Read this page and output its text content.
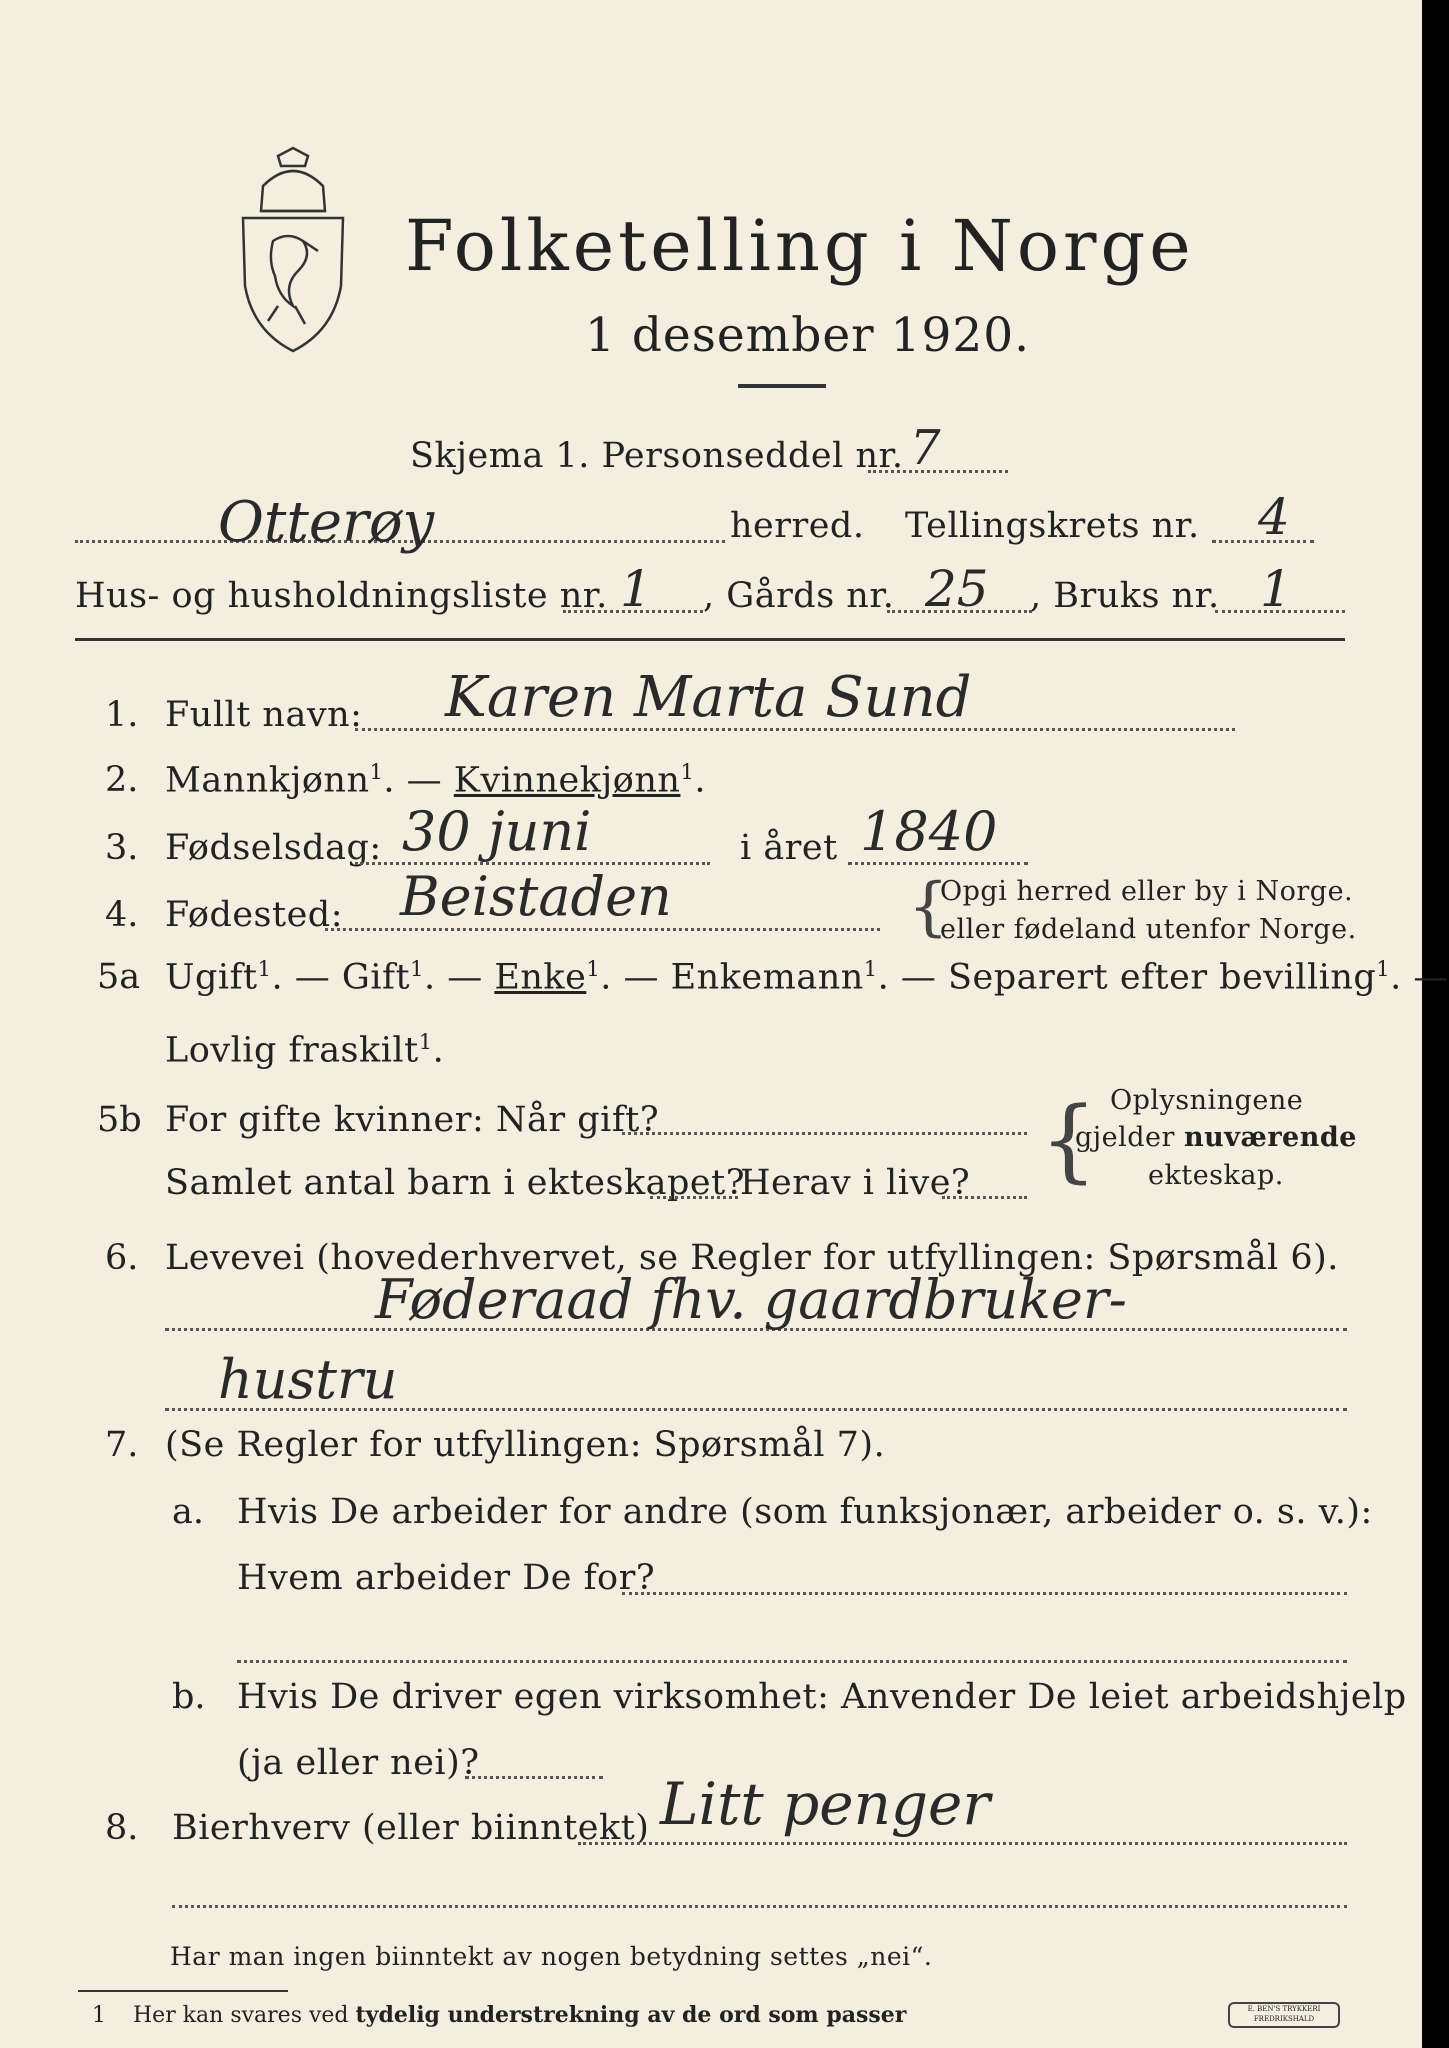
Folketelling i Norge
1 desember 1920.
Skjema 1. Personseddel nr. 7
Otterøy	herred. Tellingskrets nr. 4
Hus- og husholdningsliste nr. 1 , Gårds nr. 25 , Bruks nr. 1
1. Fullt navn: Karen Marta Sund
2. Mannkjønn$^1$. — Kvinnekjønn$^1$.
3. Fødselsdag: 30 juni	i året 1840
4. Fødested: Beistaden	{
Opgi herred eller by i Norge.
eller fødeland utenfor Norge.
5a Ugift$^1$. — Gift$^1$. — Enke$^1$. — Enkemann$^1$. — Separert efter bevilling$^1$. —
Lovlig fraskilt$^1$.
5b For gifte kvinner: Når gift?
Samlet antal barn i ekteskapet?
Herav i live? { Oplysningene
gjelder nuværende
ekteskap.
6. Levevei (hovederhvervet, se Regler for utfyllingen: Spørsmål 6).
Føderaad fhv. gaardbruker-
hustru
7. (Se Regler for utfyllingen: Spørsmål 7).
a. Hvis De arbeider for andre (som funksjonær, arbeider o. s. v.):
Hvem arbeider De for?
b. Hvis De driver egen virksomhet: Anvender De leiet arbeidshjelp
(ja eller nei)?
8. Bierhverv (eller biinntekt) Litt penger
Har man ingen biinntekt av nogen betydning settes „nei“.
1 Her kan svares ved tydelig understrekning av de ord som passer	E. BEN'S TRYKKERI FREDRIKSHALD
